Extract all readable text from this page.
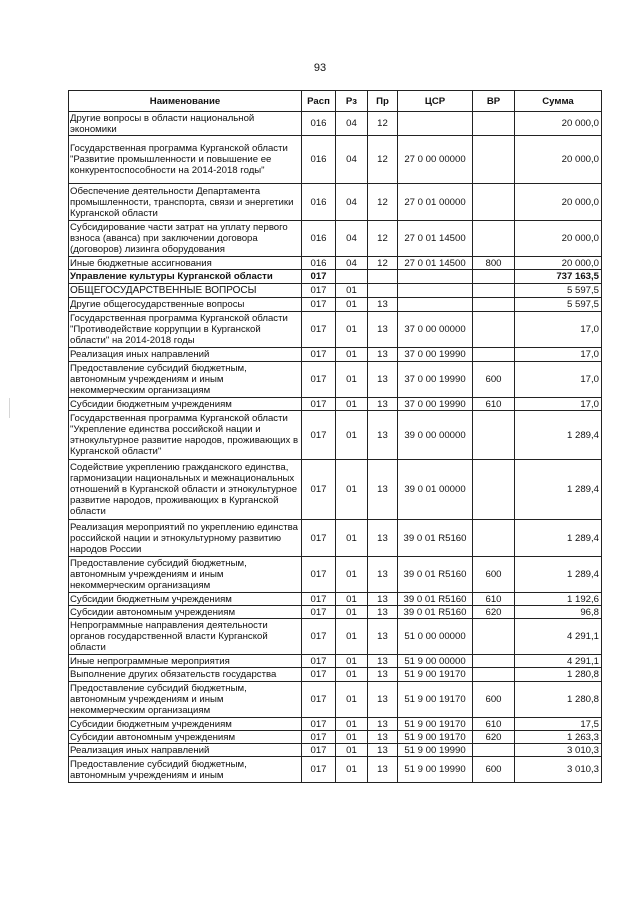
93
Наименование	Расп	Рз	Пр	ЦСР	ВР	Сумма
Другие вопросы в области национальной экономики	016	04	12			20 000,0
Государственная программа Курганской области "Развитие промышленности и повышение ее конкурентоспособности на 2014-2018 годы"	016	04	12	27 0 00 00000		20 000,0
Обеспечение деятельности Департамента промышленности, транспорта, связи и энергетики Курганской области	016	04	12	27 0 01 00000		20 000,0
Субсидирование части затрат на уплату первого взноса (аванса) при заключении договора (договоров) лизинга оборудования	016	04	12	27 0 01 14500		20 000,0
Иные бюджетные ассигнования	016	04	12	27 0 01 14500	800	20 000,0
Управление культуры Курганской области	017					737 163,5
ОБЩЕГОСУДАРСТВЕННЫЕ ВОПРОСЫ	017	01				5 597,5
Другие общегосударственные вопросы	017	01	13			5 597,5
Государственная программа Курганской области "Противодействие коррупции в Курганской области" на 2014-2018 годы	017	01	13	37 0 00 00000		17,0
Реализация иных направлений	017	01	13	37 0 00 19990		17,0
Предоставление субсидий бюджетным, автономным учреждениям и иным некоммерческим организациям	017	01	13	37 0 00 19990	600	17,0
Субсидии бюджетным учреждениям	017	01	13	37 0 00 19990	610	17,0
Государственная программа Курганской области "Укрепление единства российской нации и этнокультурное развитие народов, проживающих в Курганской области"	017	01	13	39 0 00 00000		1 289,4
Содействие укреплению гражданского единства, гармонизации национальных и межнациональных отношений в Курганской области и этнокультурное развитие народов, проживающих в Курганской области	017	01	13	39 0 01 00000		1 289,4
Реализация мероприятий по укреплению единства российской нации и этнокультурному развитию народов России	017	01	13	39 0 01 R5160		1 289,4
Предоставление субсидий бюджетным, автономным учреждениям и иным некоммерческим организациям	017	01	13	39 0 01 R5160	600	1 289,4
Субсидии бюджетным учреждениям	017	01	13	39 0 01 R5160	610	1 192,6
Субсидии автономным учреждениям	017	01	13	39 0 01 R5160	620	96,8
Непрограммные направления деятельности органов государственной власти Курганской области	017	01	13	51 0 00 00000		4 291,1
Иные непрограммные мероприятия	017	01	13	51 9 00 00000		4 291,1
Выполнение других обязательств государства	017	01	13	51 9 00 19170		1 280,8
Предоставление субсидий бюджетным, автономным учреждениям и иным некоммерческим организациям	017	01	13	51 9 00 19170	600	1 280,8
Субсидии бюджетным учреждениям	017	01	13	51 9 00 19170	610	17,5
Субсидии автономным учреждениям	017	01	13	51 9 00 19170	620	1 263,3
Реализация иных направлений	017	01	13	51 9 00 19990		3 010,3
Предоставление субсидий бюджетным, автономным учреждениям и иным	017	01	13	51 9 00 19990	600	3 010,3
